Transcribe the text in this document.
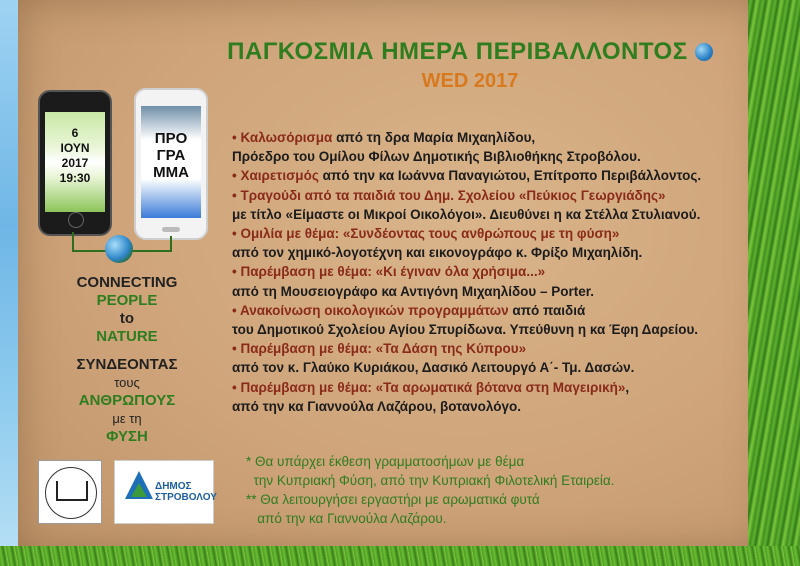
ΠΑΓΚΟΣΜΙΑ ΗΜΕΡΑ ΠΕΡΙΒΑΛΛΟΝΤΟΣ
WED 2017
6
ΙΟΥΝ
2017
19:30
ΠΡΟ
ΓΡΑ
ΜΜΑ
CONNECTING
PEOPLE
to
NATURE
ΣΥΝΔΕΟΝΤΑΣ
τους
ΑΝΘΡΩΠΟΥΣ
με τη
ΦΥΣΗ
ΔΗΜΟΣ
ΣΤΡΟΒΟΛΟΥ
• Καλωσόρισμα από τη δρα Μαρία Μιχαηλίδου,
Πρόεδρο του Ομίλου Φίλων Δημοτικής Βιβλιοθήκης Στροβόλου.
• Χαιρετισμός από την κα Ιωάννα Παναγιώτου, Επίτροπο Περιβάλλοντος.
• Τραγούδι από τα παιδιά του Δημ. Σχολείου «Πεύκιος Γεωργιάδης»
με τίτλο «Είμαστε οι Μικροί Οικολόγοι». Διευθύνει η κα Στέλλα Στυλιανού.
• Ομιλία με θέμα: «Συνδέοντας τους ανθρώπους με τη φύση»
από τον χημικό-λογοτέχνη και εικονογράφο κ. Φρίξο Μιχαηλίδη.
• Παρέμβαση με θέμα: «Κι έγιναν όλα χρήσιμα...»
από τη Μουσειογράφο κα Αντιγόνη Μιχαηλίδου – Porter.
• Ανακοίνωση οικολογικών προγραμμάτων από παιδιά
του Δημοτικού Σχολείου Αγίου Σπυρίδωνα. Υπεύθυνη η κα Έφη Δαρείου.
• Παρέμβαση με θέμα: «Τα Δάση της Κύπρου»
από τον κ. Γλαύκο Κυριάκου, Δασικό Λειτουργό Α΄- Τμ. Δασών.
• Παρέμβαση με θέμα: «Τα αρωματικά βότανα στη Μαγειρική»,
από την κα Γιαννούλα Λαζάρου, βοτανολόγο.
* Θα υπάρχει έκθεση γραμματοσήμων με θέμα
την Κυπριακή Φύση, από την Κυπριακή Φιλοτελική Εταιρεία.
** Θα λειτουργήσει εργαστήρι με αρωματικά φυτά
από την κα Γιαννούλα Λαζάρου.
